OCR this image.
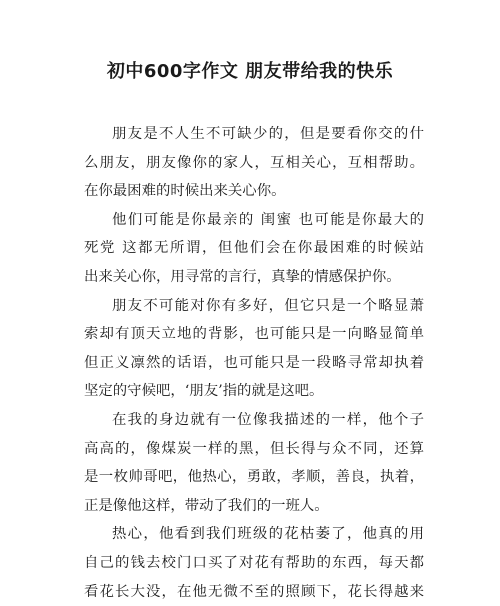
初中600字作文 朋友带给我的快乐

朋友是不人生不可缺少的，但是要看你交的什
么朋友，朋友像你的家人，互相关心，互相帮助。
在你最困难的时候出来关心你。

他们可能是你最亲的 闺蜜 也可能是你最大的
死党 这都无所谓，但他们会在你最困难的时候站
出来关心你，用寻常的言行，真挚的情感保护你。

朋友不可能对你有多好，但它只是一个略显萧
索却有顶天立地的背影，也可能只是一向略显简单
但正义凛然的话语，也可能只是一段略寻常却执着
坚定的守候吧，‘朋友’指的就是这吧。

在我的身边就有一位像我描述的一样，他个子
高高的，像煤炭一样的黑，但长得与众不同，还算
是一枚帅哥吧，他热心，勇敢，孝顺，善良，执着，
正是像他这样，带动了我们的一班人。

热心，他看到我们班级的花枯萎了，他真的用
自己的钱去校门口买了对花有帮助的东西，每天都
看花长大没，在他无微不至的照顾下，花长得越来
